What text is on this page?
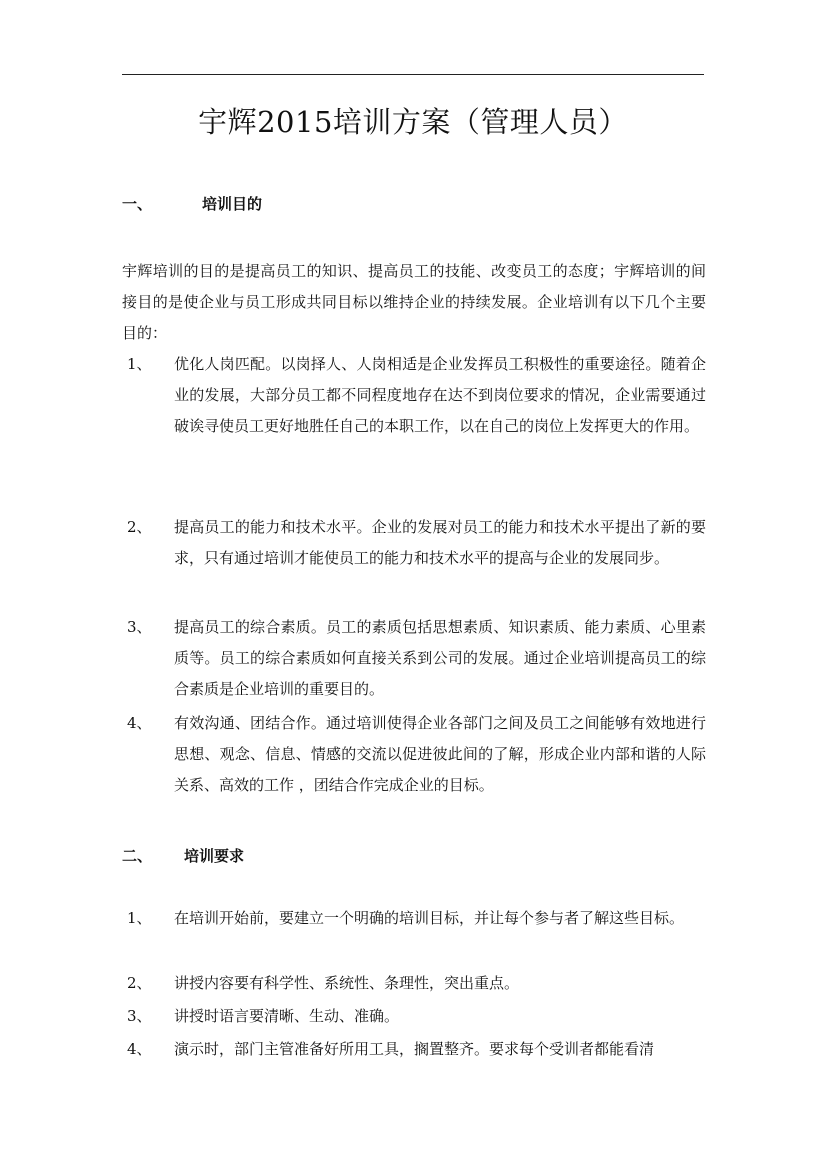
宇辉2015培训方案（管理人员）
一、	培训目的
宇辉培训的目的是提高员工的知识、提高员工的技能、改变员工的态度；宇辉培训的间接目的是使企业与员工形成共同目标以维持企业的持续发展。企业培训有以下几个主要目的：
1、 优化人岗匹配。以岗择人、人岗相适是企业发挥员工积极性的重要途径。随着企业的发展，大部分员工都不同程度地存在达不到岗位要求的情况，企业需要通过破诶寻使员工更好地胜任自己的本职工作，以在自己的岗位上发挥更大的作用。
2、 提高员工的能力和技术水平。企业的发展对员工的能力和技术水平提出了新的要求，只有通过培训才能使员工的能力和技术水平的提高与企业的发展同步。
3、 提高员工的综合素质。员工的素质包括思想素质、知识素质、能力素质、心里素质等。员工的综合素质如何直接关系到公司的发展。通过企业培训提高员工的综合素质是企业培训的重要目的。
4、 有效沟通、团结合作。通过培训使得企业各部门之间及员工之间能够有效地进行思想、观念、信息、情感的交流以促进彼此间的了解，形成企业内部和谐的人际关系、高效的工作 ，团结合作完成企业的目标。
二、 培训要求
1、 在培训开始前，要建立一个明确的培训目标，并让每个参与者了解这些目标。
2、 讲授内容要有科学性、系统性、条理性，突出重点。
3、 讲授时语言要清晰、生动、准确。
4、 演示时，部门主管准备好所用工具，搁置整齐。要求每个受训者都能看清
